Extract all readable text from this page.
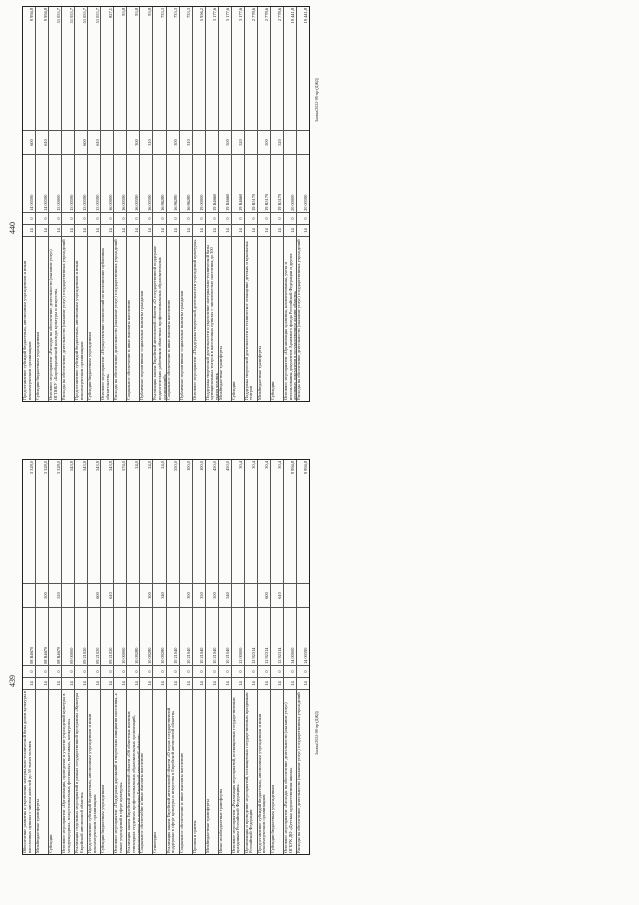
439
Заявка/2022-98-пр-(ДЖД)
Обеспечение развития и укрепления материально-технической базы домов культуры в населенных пунктах с числом жителей до 50 тысяч человек
14
0
08 R4670
3 328,0
Межбюджетные трансферты
14
0
08 R4670
500
3 328,0
Субсидии
14
0
08 R4670
520
3 328,0
Основное мероприятие «Организация, проведение и участие учреждений культуры в международных, межрегиональных фестивалях, выставках, конкурсах»
14
0
09 00000
543,9
Реализация отдельных мероприятий в рамках государственной программы «Культура Еврейской автономной области»
14
0
09 21020
543,9
Предоставление субсидий бюджетным, автономным учреждениям и иным некоммерческим организациям
14
0
09 21020
600
543,9
Субсидии бюджетным учреждениям
14
0
09 21020
610
543,9
Основное мероприятие «Поддержка дарований и творческих инициатив населения, а также учреждений в сфере культуры»
14
0
10 00000
574,0
Реализация закона Еврейской автономной области «Об областных именных стипендиях студентам профессиональных образовательных организаций, расположенных на территории Еврейской автономной области»
14
0
10 09280
24,0
Социальное обеспечение и иные выплаты населению
14
0
10 09280
300
24,0
Стипендии
14
0
10 09280
340
24,0
Реализация закона Еврейской автономной области «О мерах государственной поддержки в сфере культуры и искусства в Еврейской автономной области»
14
0
10 21040
550,0
Социальное обеспечение и иные выплаты населению
14
0
10 21040
300
100,0
Премии и гранты
14
0
10 21040
350
100,0
Межбюджетные трансферты
14
0
10 21040
500
450,0
Иные межбюджетные трансферты
14
0
10 21040
540
450,0
Основное мероприятие «Реализация мероприятий, посвященных государственным праздникам Российской Федерации»
14
0
12 00000
30,4
Организация и проведение мероприятий, посвященных государственным праздникам Российской Федерации
14
0
12 92314
30,4
Предоставление субсидий бюджетным, автономным учреждениям и иным некоммерческим организациям
14
0
12 92314
600
30,4
Субсидии бюджетным учреждениям
14
0
12 92314
610
30,4
Основное мероприятие «Расходы на обеспечение деятельности (оказание услуг) ОГБУК ДО «Детская художественная школа»
14
0
14 00000
9 994,8
Расходы на обеспечение деятельности (оказание услуг) государственных учреждений
14
0
14 00590
9 994,8
440
Заявка/2022-98-пр-(ДЖД)
Предоставление субсидий бюджетным, автономным учреждениям и иным некоммерческим организациям
14
0
14 00590
600
9 994,8
Субсидии бюджетным учреждениям
14
0
14 00590
610
9 994,8
Основное мероприятие «Расходы на обеспечение деятельности (оказание услуг) ОГПОБУ «Биробиджанский колледж культуры и искусств»
14
0
15 00000
51 055,7
Расходы на обеспечение деятельности (оказание услуг) государственных учреждений
14
0
15 00590
51 055,7
Предоставление субсидий бюджетным, автономным учреждениям и иным некоммерческим организациям
14
0
15 00590
600
51 055,7
Субсидии бюджетным учреждениям
14
0
15 00590
610
51 055,7
Основное мероприятие «Осуществление полномочий по исполнению публичных обязательств»
14
0
16 00000
827,1
Расходы на обеспечение деятельности (оказание услуг) государственных учреждений
14
0
16 00590
93,8
Социальное обеспечение и иные выплаты населению
14
0
16 00590
300
93,8
Публичные нормативные социальные выплаты гражданам
14
0
16 00590
310
93,8
Реализация закона Еврейской автономной области «О государственной поддержке педагогических работников областных профессиональных образовательных организаций»
14
0
16 86280
733,3
Социальное обеспечение и иные выплаты населению
14
0
16 86280
300
733,3
Публичные нормативные социальные выплаты гражданам
14
0
16 86280
310
733,3
Основное мероприятие «Поддержка творческой деятельности учреждений культуры»
14
0
19 00000
5 956,2
Поддержка творческой деятельности и укрепление материально-технической базы муниципальных театров в населенных пунктах с численностью населения до 300 тысяч человек
14
0
19 R4660
3 177,6
Межбюджетные трансферты
14
0
19 R4660
500
3 177,6
Субсидии
14
0
19 R4660
520
3 177,6
Поддержка творческой деятельности и техническое оснащение детских и кукольных театров
14
0
19 R5170
2 778,6
Межбюджетные трансферты
14
0
19 R5170
500
2 778,6
Субсидии
14
0
19 R5170
520
2 778,6
Основное мероприятие «Организация хранения, комплектования, учета и использования документов Архивного фонда Российской Федерации и других архивных документов в государственном архиве области»
14
0
20 00000
19 441,8
Расходы на обеспечение деятельности (оказание услуг) государственных учреждений
14
0
20 00590
19 441,8
